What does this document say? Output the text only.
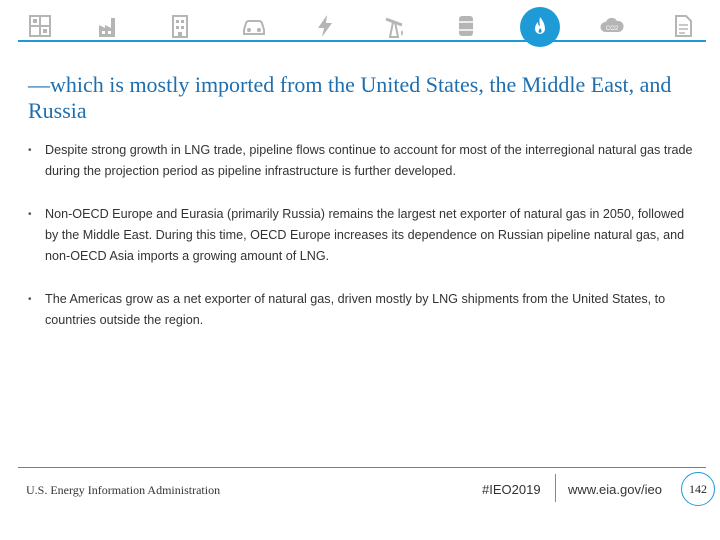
CO2
—which is mostly imported from the United States, the Middle East, and Russia
• Despite strong growth in LNG trade, pipeline flows continue to account for most of the interregional natural gas trade during the projection period as pipeline infrastructure is further developed.
• Non-OECD Europe and Eurasia (primarily Russia) remains the largest net exporter of natural gas in 2050, followed by the Middle East. During this time, OECD Europe increases its dependence on Russian pipeline natural gas, and non-OECD Asia imports a growing amount of LNG.
• The Americas grow as a net exporter of natural gas, driven mostly by LNG shipments from the United States, to countries outside the region.
U.S. Energy Information Administration	#IEO2019 www.eia.gov/ieo 142
